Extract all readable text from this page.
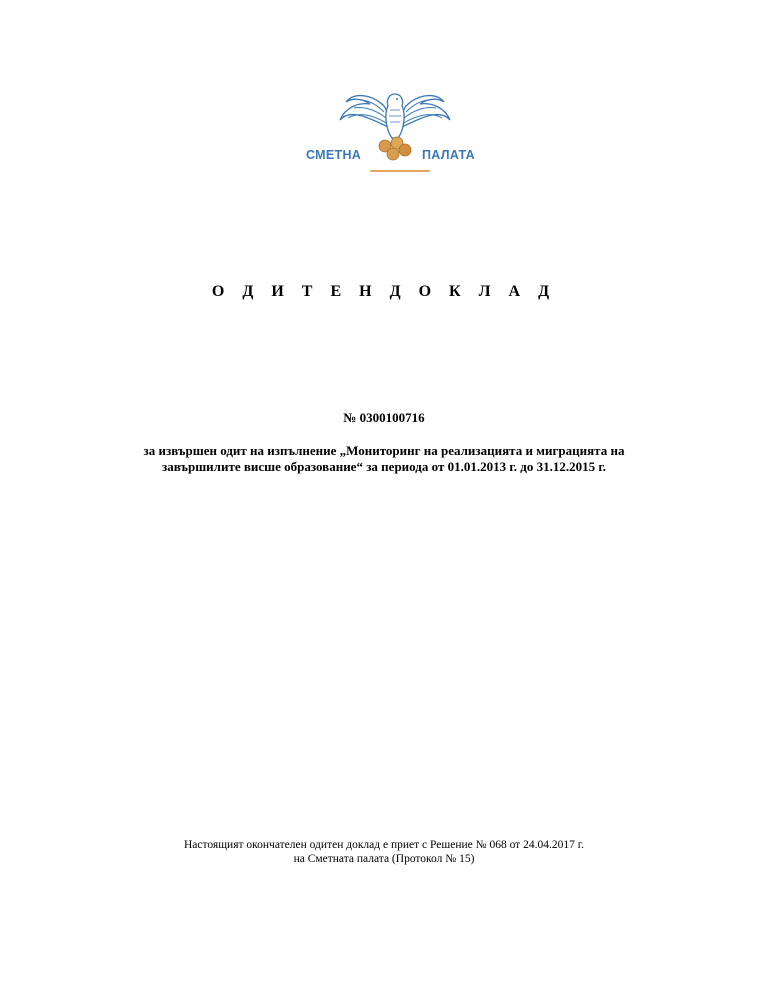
СМЕТНА	ПАЛАТА
О Д И Т Е Н Д О К Л А Д
№ 0300100716
за извършен одит на изпълнение „Мониторинг на реализацията и миграцията на
завършилите висше образование“ за периода от 01.01.2013 г. до 31.12.2015 г.
Настоящият окончателен одитен доклад е приет с Решение № 068 от 24.04.2017 г.
на Сметната палата (Протокол № 15)
